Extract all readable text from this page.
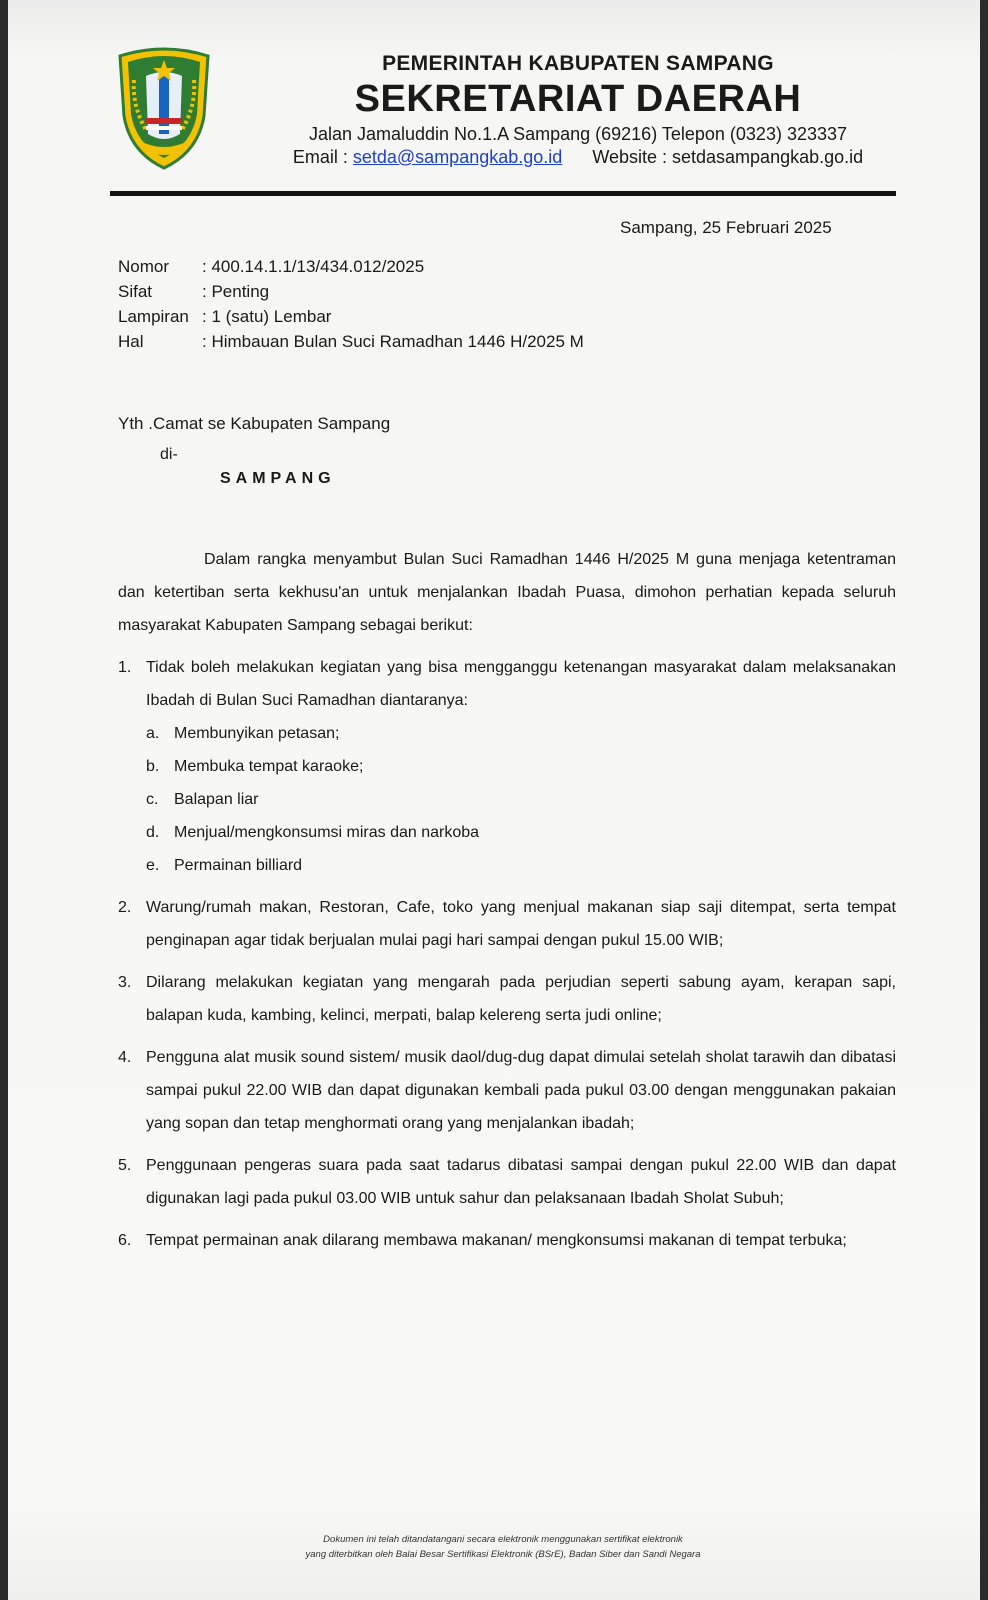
PEMERINTAH KABUPATEN SAMPANG
SEKRETARIAT DAERAH
Jalan Jamaluddin No.1.A Sampang (69216) Telepon (0323) 323337
Email : setda@sampangkab.go.id Website : setdasampangkab.go.id
Sampang, 25 Februari 2025
Nomor	: 400.14.1.1/13/434.012/2025
Sifat	: Penting
Lampiran : 1 (satu) Lembar
Hal	: Himbauan Bulan Suci Ramadhan 1446 H/2025 M
Yth .Camat se Kabupaten Sampang
di-
SAMPANG

Dalam rangka menyambut Bulan Suci Ramadhan 1446 H/2025 M guna menjaga ketentraman dan ketertiban serta kekhusu'an untuk menjalankan Ibadah Puasa, dimohon perhatian kepada seluruh masyarakat Kabupaten Sampang sebagai berikut:

1. Tidak boleh melakukan kegiatan yang bisa mengganggu ketenangan masyarakat dalam melaksanakan Ibadah di Bulan Suci Ramadhan diantaranya:
a. Membunyikan petasan;
b. Membuka tempat karaoke;
c. Balapan liar
d. Menjual/mengkonsumsi miras dan narkoba
e. Permainan billiard
2. Warung/rumah makan, Restoran, Cafe, toko yang menjual makanan siap saji ditempat, serta tempat penginapan agar tidak berjualan mulai pagi hari sampai dengan pukul 15.00 WIB;
3. Dilarang melakukan kegiatan yang mengarah pada perjudian seperti sabung ayam, kerapan sapi, balapan kuda, kambing, kelinci, merpati, balap kelereng serta judi online;
4. Pengguna alat musik sound sistem/ musik daol/dug-dug dapat dimulai setelah sholat tarawih dan dibatasi sampai pukul 22.00 WIB dan dapat digunakan kembali pada pukul 03.00 dengan menggunakan pakaian yang sopan dan tetap menghormati orang yang menjalankan ibadah;
5. Penggunaan pengeras suara pada saat tadarus dibatasi sampai dengan pukul 22.00 WIB dan dapat digunakan lagi pada pukul 03.00 WIB untuk sahur dan pelaksanaan Ibadah Sholat Subuh;
6. Tempat permainan anak dilarang membawa makanan/ mengkonsumsi makanan di tempat terbuka;
Dokumen ini telah ditandatangani secara elektronik menggunakan sertifikat elektronik
yang diterbitkan oleh Balai Besar Sertifikasi Elektronik (BSrE), Badan Siber dan Sandi Negara
